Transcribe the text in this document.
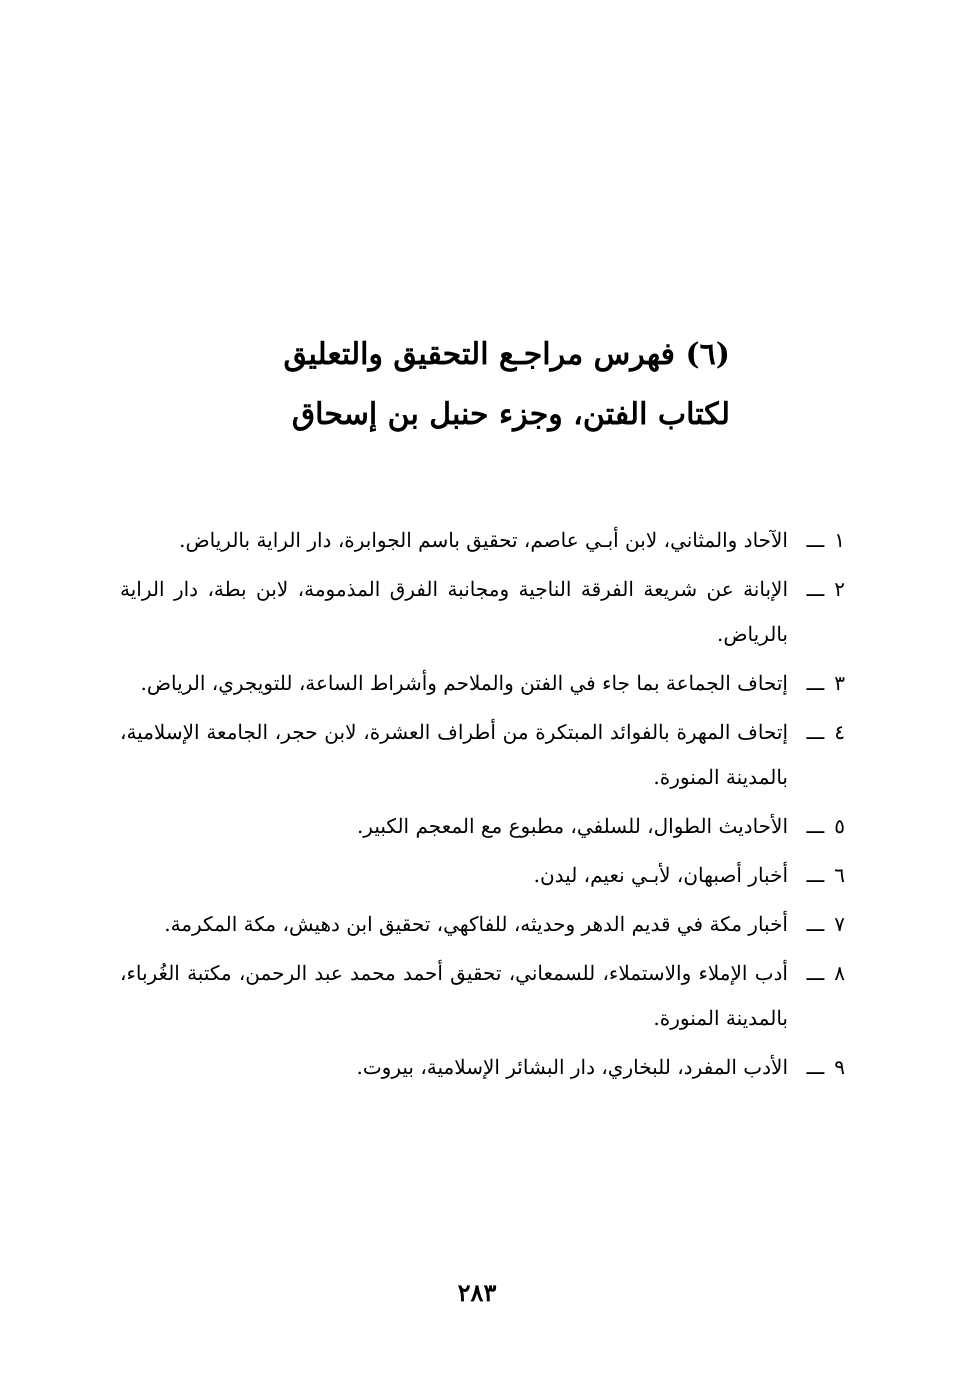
(٦) فهرس مراجـع التحقيق والتعليق
لكتاب الفتن، وجزء حنبل بن إسحاق
١ـــ
الآحاد والمثاني، لابن أبـي عاصم، تحقيق باسم الجوابرة، دار الراية بالرياض.
٢ـــ
الإبانة عن شريعة الفرقة الناجية ومجانبة الفرق المذمومة، لابن بطة، دار الراية بالرياض.
٣ـــ
إتحاف الجماعة بما جاء في الفتن والملاحم وأشراط الساعة، للتويجري، الرياض.
٤ـــ
إتحاف المهرة بالفوائد المبتكرة من أطراف العشرة، لابن حجر، الجامعة الإسلامية، بالمدينة المنورة.
٥ـــ
الأحاديث الطوال، للسلفي، مطبوع مع المعجم الكبير.
٦ـــ
أخبار أصبهان، لأبـي نعيم، ليدن.
٧ـــ
أخبار مكة في قديم الدهر وحديثه، للفاكهي، تحقيق ابن دهيش، مكة المكرمة.
٨ـــ
أدب الإملاء والاستملاء، للسمعاني، تحقيق أحمد محمد عبد الرحمن، مكتبة الغُرباء، بالمدينة المنورة.
٩ـــ
الأدب المفرد، للبخاري، دار البشائر الإسلامية، بيروت.
٢٨٣
